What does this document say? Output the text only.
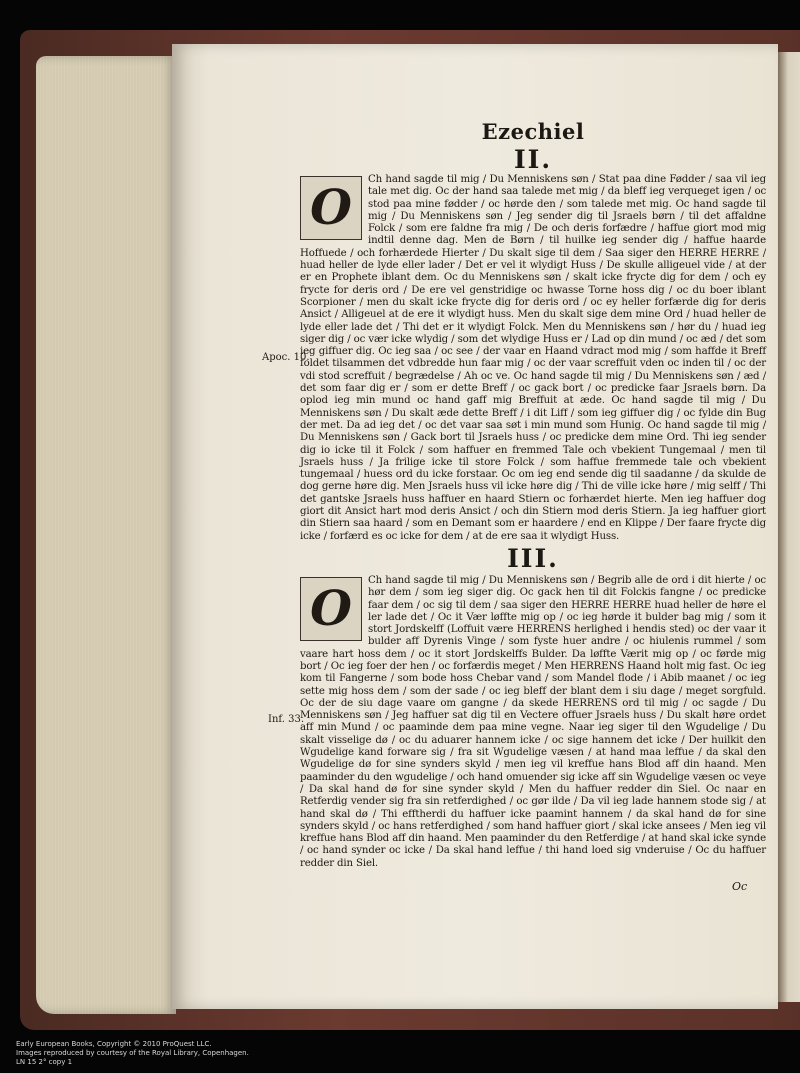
Ezechiel

II.

O

Ch hand sagde til mig / Du Menniskens søn / Stat paa dine Fødder / saa vil ieg tale met dig. Oc der hand saa talede met mig / da bleff ieg verqueget igen / oc stod paa mine fødder / oc hørde den / som talede met mig. Oc hand sagde til mig / Du Menniskens søn / Jeg sender dig til Jsraels børn / til det affaldne Folck / som ere faldne fra mig / De och deris forfædre / haffue giort mod mig indtil denne dag. Men de Børn / til huilke ieg sender dig / haffue haarde Hoffuede / och forhærdede Hierter / Du skalt sige til dem / Saa siger den HERRE HERRE / huad heller de lyde eller lader / Det er vel it wlydigt Huss / De skulle alligeuel vide / at der er en Prophete iblant dem. Oc du Menniskens søn / skalt icke frycte dig for dem / och ey frycte for deris ord / De ere vel genstridige oc hwasse Torne hoss dig / oc du boer iblant Scorpioner / men du skalt icke frycte dig for deris ord / oc ey heller forfærde dig for deris Ansict / Alligeuel at de ere it wlydigt huss. Men du skalt sige dem mine Ord / huad heller de lyde eller lade det / Thi det er it wlydigt Folck. Men du Menniskens søn / hør du / huad ieg siger dig / oc vær icke wlydig / som det wlydige Huss er / Lad op din mund / oc æd / det som ieg giffuer dig. Oc ieg saa / oc see / der vaar en Haand vdract mod mig / som haffde it Breff foldet tilsammen det vdbredde hun faar mig / oc der vaar screffuit vden oc inden til / oc der vdi stod screffuit / begrædelse / Ah oc ve. Oc hand sagde til mig / Du Menniskens søn / æd / det som faar dig er / som er dette Breff / oc gack bort / oc predicke faar Jsraels børn. Da oplod ieg min mund oc hand gaff mig Breffuit at æde. Oc hand sagde til mig / Du Menniskens søn / Du skalt æde dette Breff / i dit Liff / som ieg giffuer dig / oc fylde din Bug der met. Da ad ieg det / oc det vaar saa søt i min mund som Hunig. Oc hand sagde til mig / Du Menniskens søn / Gack bort til Jsraels huss / oc predicke dem mine Ord. Thi ieg sender dig io icke til it Folck / som haffuer en fremmed Tale och vbekient Tungemaal / men til Jsraels huss / Ja frilige icke til store Folck / som haffue fremmede tale och vbekient tungemaal / huess ord du icke forstaar. Oc om ieg end sende dig til saadanne / da skulde de dog gerne høre dig. Men Jsraels huss vil icke høre dig / Thi de ville icke høre / mig selff / Thi det gantske Jsraels huss haffuer en haard Stiern oc forhærdet hierte. Men ieg haffuer dog giort dit Ansict hart mod deris Ansict / och din Stiern mod deris Stiern. Ja ieg haffuer giort din Stiern saa haard / som en Demant som er haardere / end en Klippe / Der faare frycte dig icke / forfærd es oc icke for dem / at de ere saa it wlydigt Huss.

III.

O

Ch hand sagde til mig / Du Menniskens søn / Begrib alle de ord i dit hierte / oc hør dem / som ieg siger dig. Oc gack hen til dit Folckis fangne / oc predicke faar dem / oc sig til dem / saa siger den HERRE HERRE huad heller de høre el ler lade det / Oc it Vær løffte mig op / oc ieg hørde it bulder bag mig / som it stort Jordskelff (Loffuit være HERRENS herlighed i hendis sted) oc der vaar it bulder aff Dyrenis Vinge / som fyste huer andre / oc hiulenis rummel / som vaare hart hoss dem / oc it stort Jordskelffs Bulder. Da løffte Værit mig op / oc førde mig bort / Oc ieg foer der hen / oc forfærdis meget / Men HERRENS Haand holt mig fast. Oc ieg kom til Fangerne / som bode hoss Chebar vand / som Mandel flode / i Abib maanet / oc ieg sette mig hoss dem / som der sade / oc ieg bleff der blant dem i siu dage / meget sorgfuld. Oc der de siu dage vaare om gangne / da skede HERRENS ord til mig / oc sagde / Du Menniskens søn / Jeg haffuer sat dig til en Vectere offuer Jsraels huss / Du skalt høre ordet aff min Mund / oc paaminde dem paa mine vegne. Naar ieg siger til den Wgudelige / Du skalt visselige dø / oc du aduarer hannem icke / oc sige hannem det icke / Der huilkit den Wgudelige kand forware sig / fra sit Wgudelige væsen / at hand maa leffue / da skal den Wgudelige dø for sine synders skyld / men ieg vil kreffue hans Blod aff din haand. Men paaminder du den wgudelige / och hand omuender sig icke aff sin Wgudelige væsen oc veye / Da skal hand dø for sine synder skyld / Men du haffuer redder din Siel. Oc naar en Retferdig vender sig fra sin retferdighed / oc gør ilde / Da vil ieg lade hannem stode sig / at hand skal dø / Thi efftherdi du haffuer icke paamint hannem / da skal hand dø for sine synders skyld / oc hans retferdighed / som hand haffuer giort / skal icke ansees / Men ieg vil kreffue hans Blod aff din haand. Men paaminder du den Retferdige / at hand skal icke synde / oc hand synder oc icke / Da skal hand leffue / thi hand loed sig vnderuise / Oc du haffuer redder din Siel.

Apoc. 10.
Inf. 33.
Oc
Early European Books, Copyright © 2010 ProQuest LLC.
Images reproduced by courtesy of the Royal Library, Copenhagen.
LN 15 2° copy 1
